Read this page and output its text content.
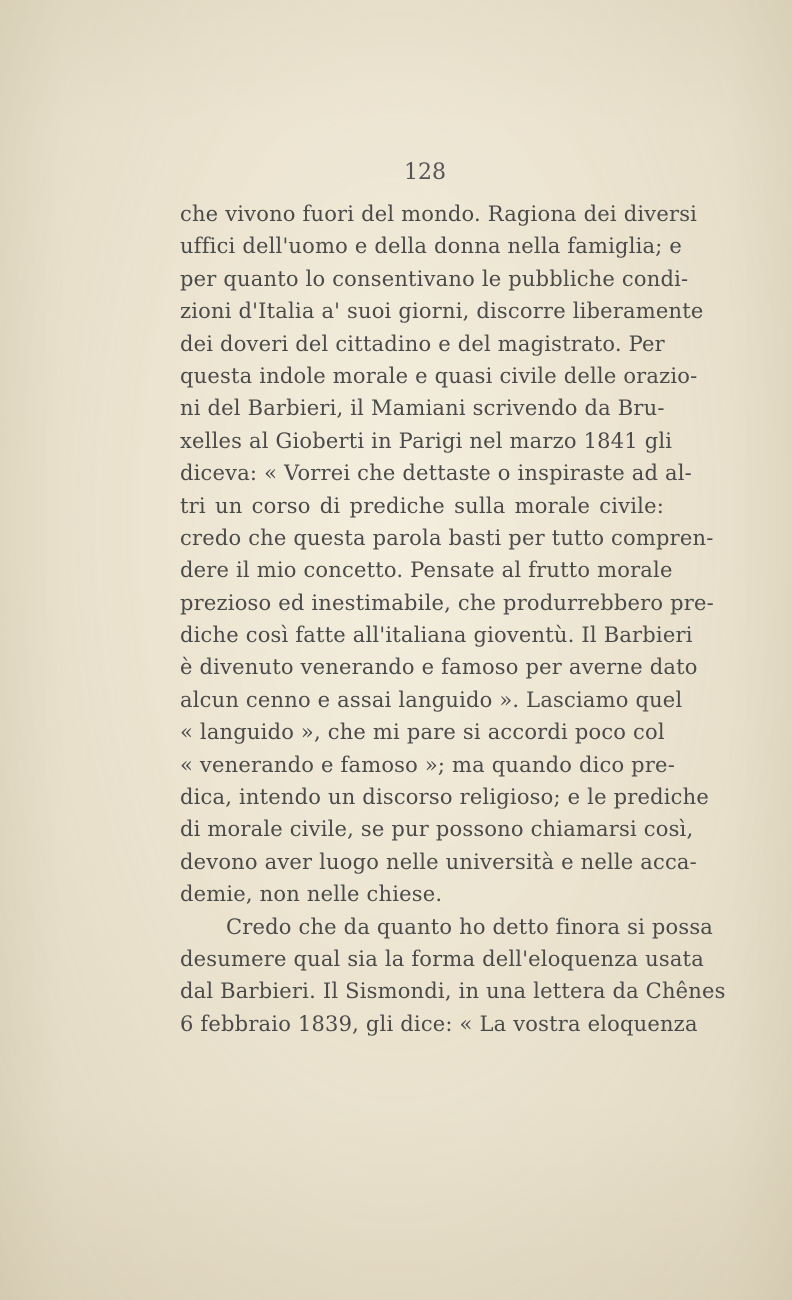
128
che vivono fuori del mondo. Ragiona dei diversi
uffici dell'uomo e della donna nella famiglia; e
per quanto lo consentivano le pubbliche condi-
zioni d'Italia a' suoi giorni, discorre liberamente
dei doveri del cittadino e del magistrato. Per
questa indole morale e quasi civile delle orazio-
ni del Barbieri, il Mamiani scrivendo da Bru-
xelles al Gioberti in Parigi nel marzo 1841 gli
diceva: « Vorrei che dettaste o inspiraste ad al-
tri un corso di prediche sulla morale civile:
credo che questa parola basti per tutto compren-
dere il mio concetto. Pensate al frutto morale
prezioso ed inestimabile, che produrrebbero pre-
diche così fatte all'italiana gioventù. Il Barbieri
è divenuto venerando e famoso per averne dato
alcun cenno e assai languido ». Lasciamo quel
« languido », che mi pare si accordi poco col
« venerando e famoso »; ma quando dico pre-
dica, intendo un discorso religioso; e le prediche
di morale civile, se pur possono chiamarsi così,
devono aver luogo nelle università e nelle acca-
demie, non nelle chiese.
Credo che da quanto ho detto finora si possa
desumere qual sia la forma dell'eloquenza usata
dal Barbieri. Il Sismondi, in una lettera da Chênes
6 febbraio 1839, gli dice: « La vostra eloquenza
